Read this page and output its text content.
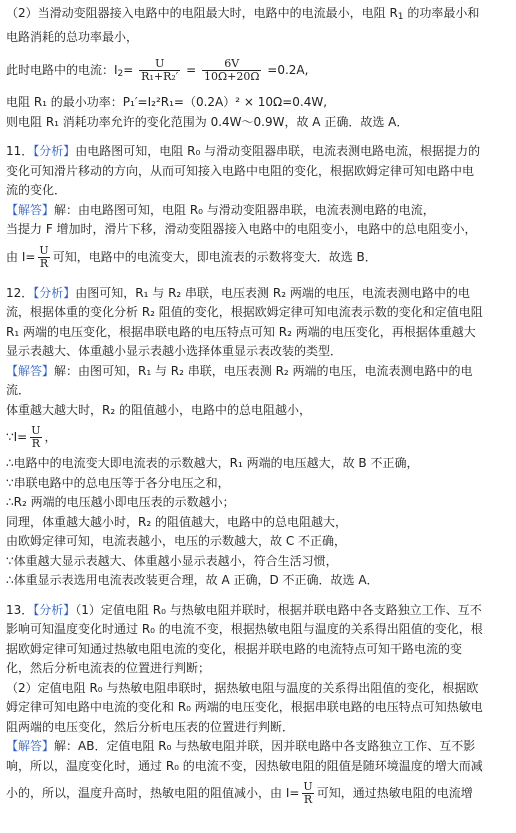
（2）当滑动变阻器接入电路中的电阻最大时，电路中的电流最小，电阻 $R_1$ 的功率最小和
电路消耗的总功率最小，
此时电路中的电流：$I_2= \frac{U}{\text{R₁+R₂′}} = \frac{6V}{10\Omega+20\Omega} =0.2A$,
电阻 R₁ 的最小功率：P₁′=I₂²R₁=（0.2A）² × 10Ω=0.4W,
则电阻 R₁ 消耗功率允许的变化范围为 0.4W～0.9W，故 A 正确．故选 A．
11．【分析】由电路图可知，电阻 R₀ 与滑动变阻器串联，电流表测电路电流，根据提力的
变化可知滑片移动的方向，从而可知接入电路中电阻的变化，根据欧姆定律可知电路中电
流的变化．
【解答】解：由电路图可知，电阻 R₀ 与滑动变阻器串联，电流表测电路的电流，
当提力 F 增加时，滑片下移，滑动变阻器接入电路中的电阻变小，电路中的总电阻变小，
由 $I= \frac{U}{R}$ 可知，电路中的电流变大，即电流表的示数将变大．故选 B．
12．【分析】由图可知，R₁ 与 R₂ 串联，电压表测 R₂ 两端的电压，电流表测电路中的电
流，根据体重的变化分析 R₂ 阻值的变化，根据欧姆定律可知电流表示数的变化和定值电阻
R₁ 两端的电压变化，根据串联电路的电压特点可知 R₂ 两端的电压变化，再根据体重越大
显示表越大、体重越小显示表越小选择体重显示表改装的类型．
【解答】解：由图可知，R₁ 与 R₂ 串联，电压表测 R₂ 两端的电压，电流表测电路中的电
流．
体重越大越大时，R₂ 的阻值越小，电路中的总电阻越小，
∵I= $\frac{U}{R}$ ，
∴电路中的电流变大即电流表的示数越大，R₁ 两端的电压越大，故 B 不正确，
∵串联电路中的总电压等于各分电压之和，
∴R₂ 两端的电压越小即电压表的示数越小；
同理，体重越大越小时，R₂ 的阻值越大，电路中的总电阻越大，
由欧姆定律可知，电流表越小，电压的示数越大，故 C 不正确，
∵体重越大显示表越大、体重越小显示表越小，符合生活习惯，
∴体重显示表选用电流表改装更合理，故 A 正确，D 不正确．故选 A．
13．【分析】（1）定值电阻 R₀ 与热敏电阻并联时，根据并联电路中各支路独立工作、互不
影响可知温度变化时通过 R₀ 的电流不变，根据热敏电阻与温度的关系得出阻值的变化，根
据欧姆定律可知通过热敏电阻电流的变化，根据并联电路的电流特点可知干路电流的变
化，然后分析电流表的位置进行判断；
（2）定值电阻 R₀ 与热敏电阻串联时，据热敏电阻与温度的关系得出阻值的变化，根据欧
姆定律可知电路中电流的变化和 R₀ 两端的电压变化，根据串联电路的电压特点可知热敏电
阻两端的电压变化，然后分析电压表的位置进行判断．
【解答】解：AB．定值电阻 R₀ 与热敏电阻并联，因并联电路中各支路独立工作、互不影
响，所以，温度变化时，通过 R₀ 的电流不变，因热敏电阻的阻值是随环境温度的增大而减
小的，所以，温度升高时，热敏电阻的阻值减小，由 $I= \frac{U}{R}$ 可知，通过热敏电阻的电流增
